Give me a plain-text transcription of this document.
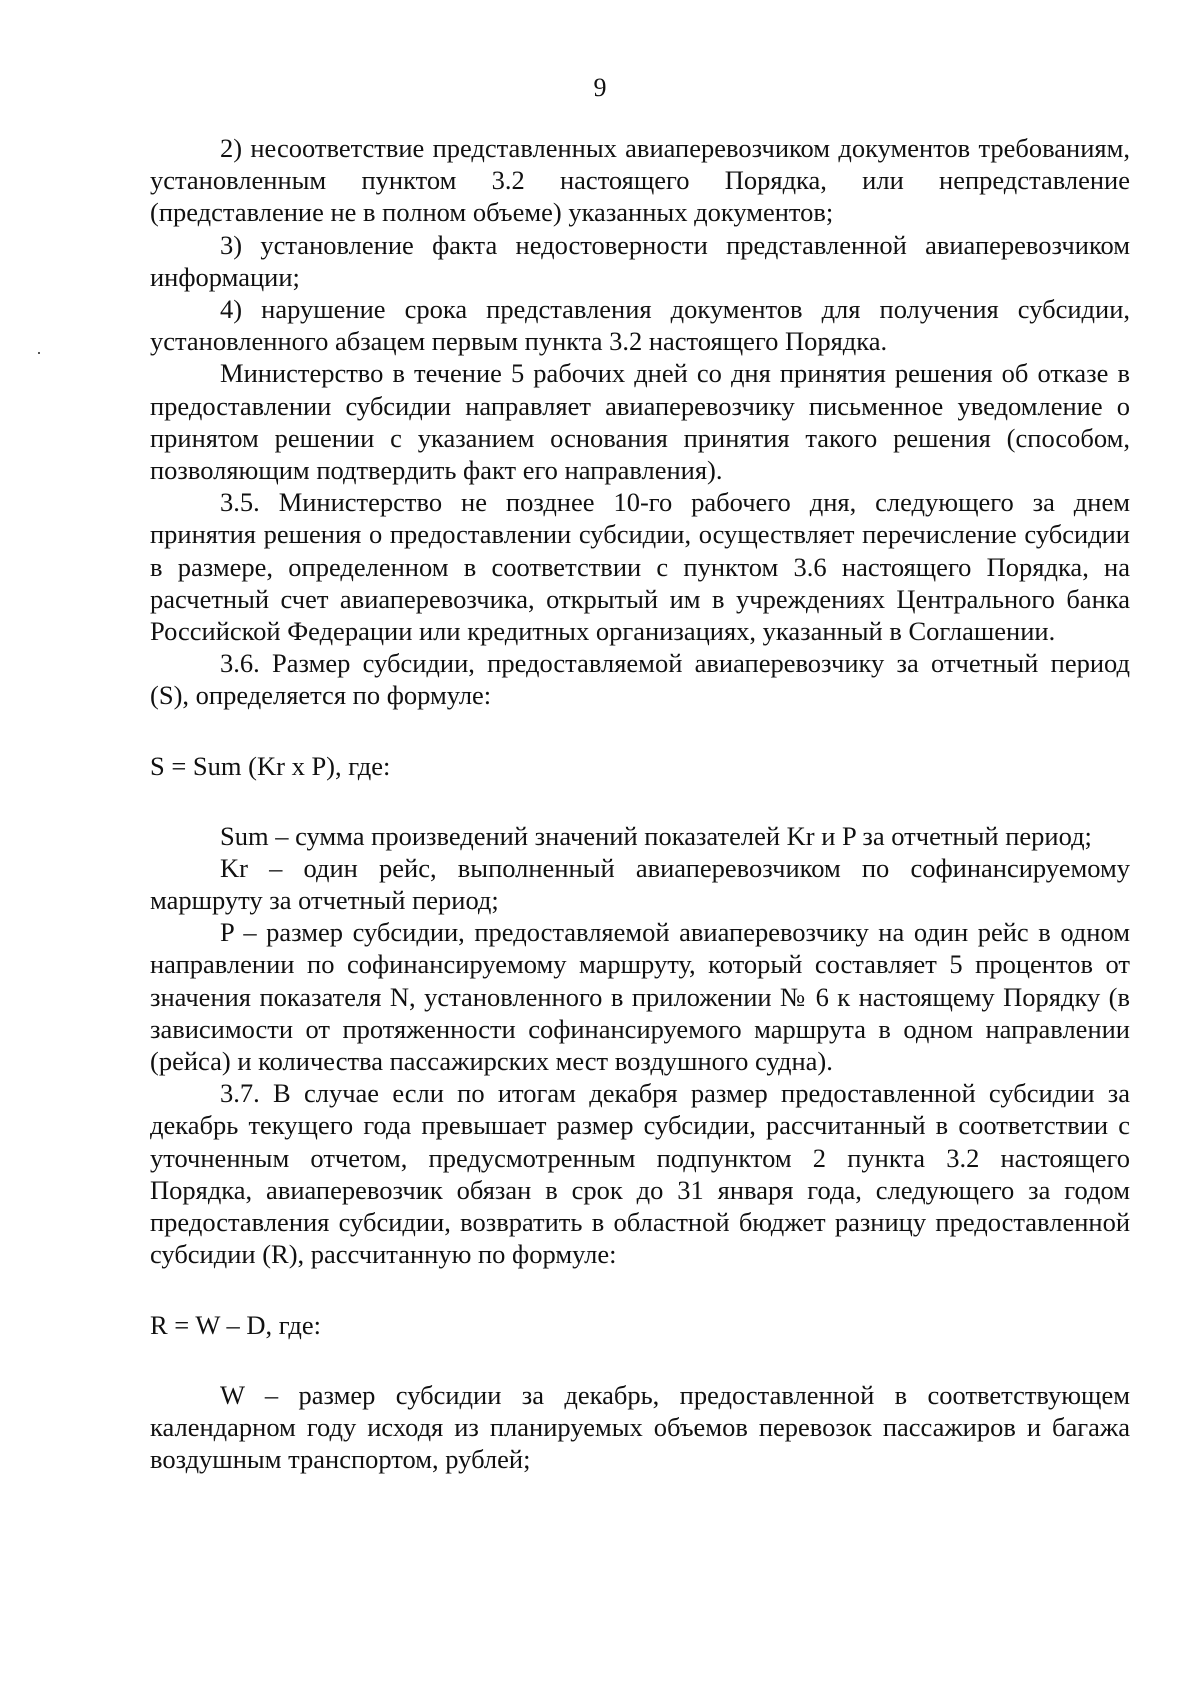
9

2) несоответствие представленных авиаперевозчиком документов требованиям, установленным пунктом 3.2 настоящего Порядка, или непредставление (представление не в полном объеме) указанных документов;

3) установление факта недостоверности представленной авиаперевозчиком информации;

4) нарушение срока представления документов для получения субсидии, установленного абзацем первым пункта 3.2 настоящего Порядка.

Министерство в течение 5 рабочих дней со дня принятия решения об отказе в предоставлении субсидии направляет авиаперевозчику письменное уведомление о принятом решении с указанием основания принятия такого решения (способом, позволяющим подтвердить факт его направления).

3.5. Министерство не позднее 10-го рабочего дня, следующего за днем принятия решения о предоставлении субсидии, осуществляет перечисление субсидии в размере, определенном в соответствии с пунктом 3.6 настоящего Порядка, на расчетный счет авиаперевозчика, открытый им в учреждениях Центрального банка Российской Федерации или кредитных организациях, указанный в Соглашении.

3.6. Размер субсидии, предоставляемой авиаперевозчику за отчетный период (S), определяется по формуле:

S = Sum (Kr x P), где:

Sum – сумма произведений значений показателей Kr и P за отчетный период;

Kr – один рейс, выполненный авиаперевозчиком по софинансируемому маршруту за отчетный период;

P – размер субсидии, предоставляемой авиаперевозчику на один рейс в одном направлении по софинансируемому маршруту, который составляет 5 процентов от значения показателя N, установленного в приложении № 6 к настоящему Порядку (в зависимости от протяженности софинансируемого маршрута в одном направлении (рейса) и количества пассажирских мест воздушного судна).

3.7. В случае если по итогам декабря размер предоставленной субсидии за декабрь текущего года превышает размер субсидии, рассчитанный в соответствии с уточненным отчетом, предусмотренным подпунктом 2 пункта 3.2 настоящего Порядка, авиаперевозчик обязан в срок до 31 января года, следующего за годом предоставления субсидии, возвратить в областной бюджет разницу предоставленной субсидии (R), рассчитанную по формуле:

R = W – D, где:

W – размер субсидии за декабрь, предоставленной в соответствующем календарном году исходя из планируемых объемов перевозок пассажиров и багажа воздушным транспортом, рублей;
